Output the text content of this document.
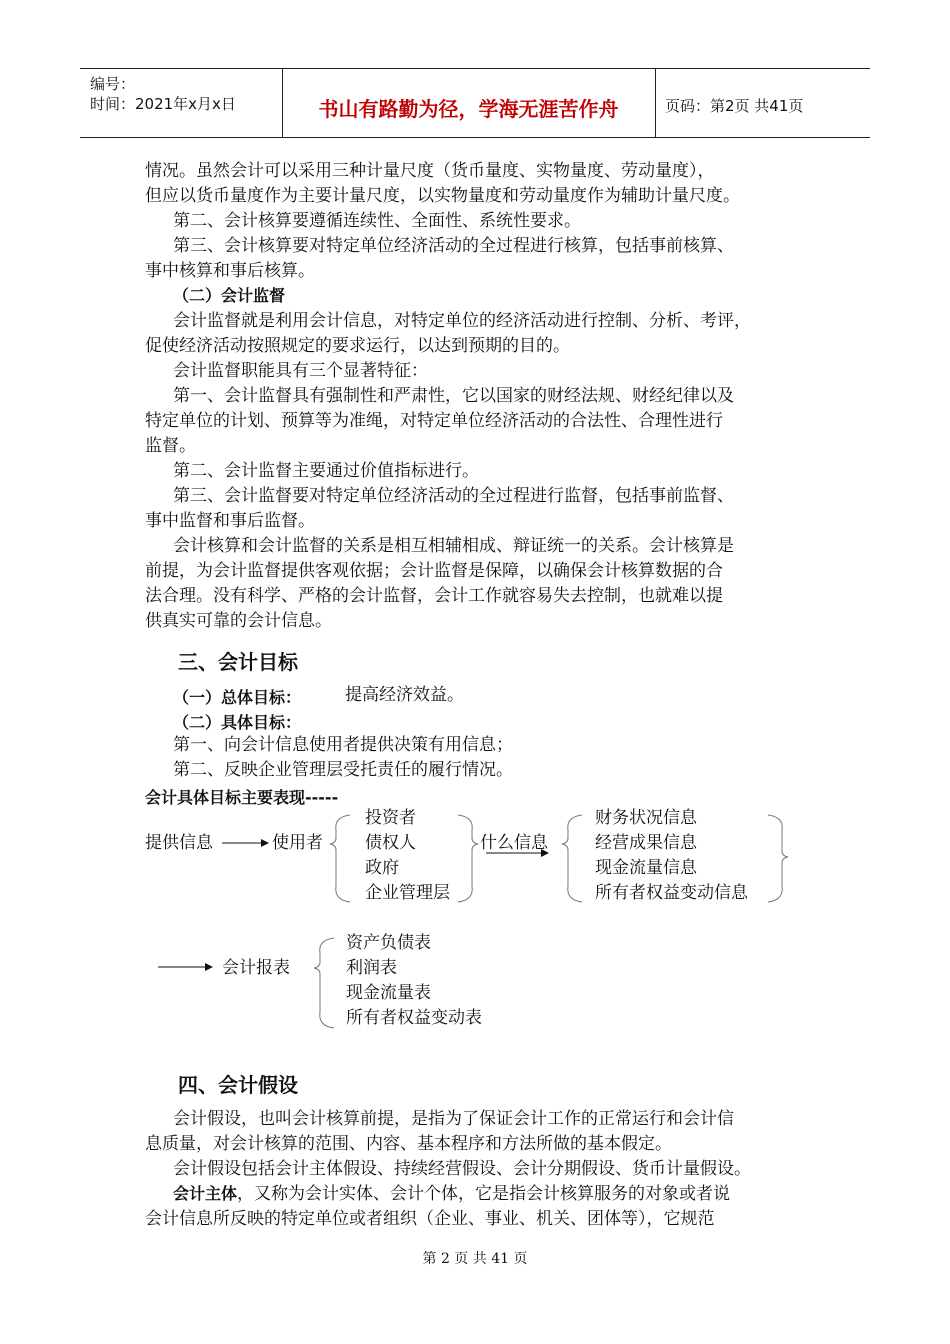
编号：
时间：2021年x月x日	书山有路勤为径，学海无涯苦作舟	页码：第2页 共41页
情况。虽然会计可以采用三种计量尺度（货币量度、实物量度、劳动量度），
但应以货币量度作为主要计量尺度，以实物量度和劳动量度作为辅助计量尺度。
第二、会计核算要遵循连续性、全面性、系统性要求。
第三、会计核算要对特定单位经济活动的全过程进行核算，包括事前核算、
事中核算和事后核算。
（二）会计监督
会计监督就是利用会计信息，对特定单位的经济活动进行控制、分析、考评，
促使经济活动按照规定的要求运行，以达到预期的目的。
会计监督职能具有三个显著特征：
第一、会计监督具有强制性和严肃性，它以国家的财经法规、财经纪律以及
特定单位的计划、预算等为准绳，对特定单位经济活动的合法性、合理性进行
监督。
第二、会计监督主要通过价值指标进行。
第三、会计监督要对特定单位经济活动的全过程进行监督，包括事前监督、
事中监督和事后监督。
会计核算和会计监督的关系是相互相辅相成、辩证统一的关系。会计核算是
前提，为会计监督提供客观依据；会计监督是保障，以确保会计核算数据的合
法合理。没有科学、严格的会计监督，会计工作就容易失去控制，也就难以提
供真实可靠的会计信息。
三、会计目标
（一）总体目标：	提高经济效益。
（二）具体目标：
第一、向会计信息使用者提供决策有用信息；
第二、反映企业管理层受托责任的履行情况。
会计具体目标主要表现-----
提供信息	使用者
投资者
债权人
政府
企业管理层
什么信息
财务状况信息
经营成果信息
现金流量信息
所有者权益变动信息
会计报表
资产负债表
利润表
现金流量表
所有者权益变动表
四、会计假设
会计假设，也叫会计核算前提，是指为了保证会计工作的正常运行和会计信
息质量，对会计核算的范围、内容、基本程序和方法所做的基本假定。
会计假设包括会计主体假设、持续经营假设、会计分期假设、货币计量假设。
会计主体，又称为会计实体、会计个体，它是指会计核算服务的对象或者说
会计信息所反映的特定单位或者组织（企业、事业、机关、团体等），它规范
第 2 页 共 41 页
